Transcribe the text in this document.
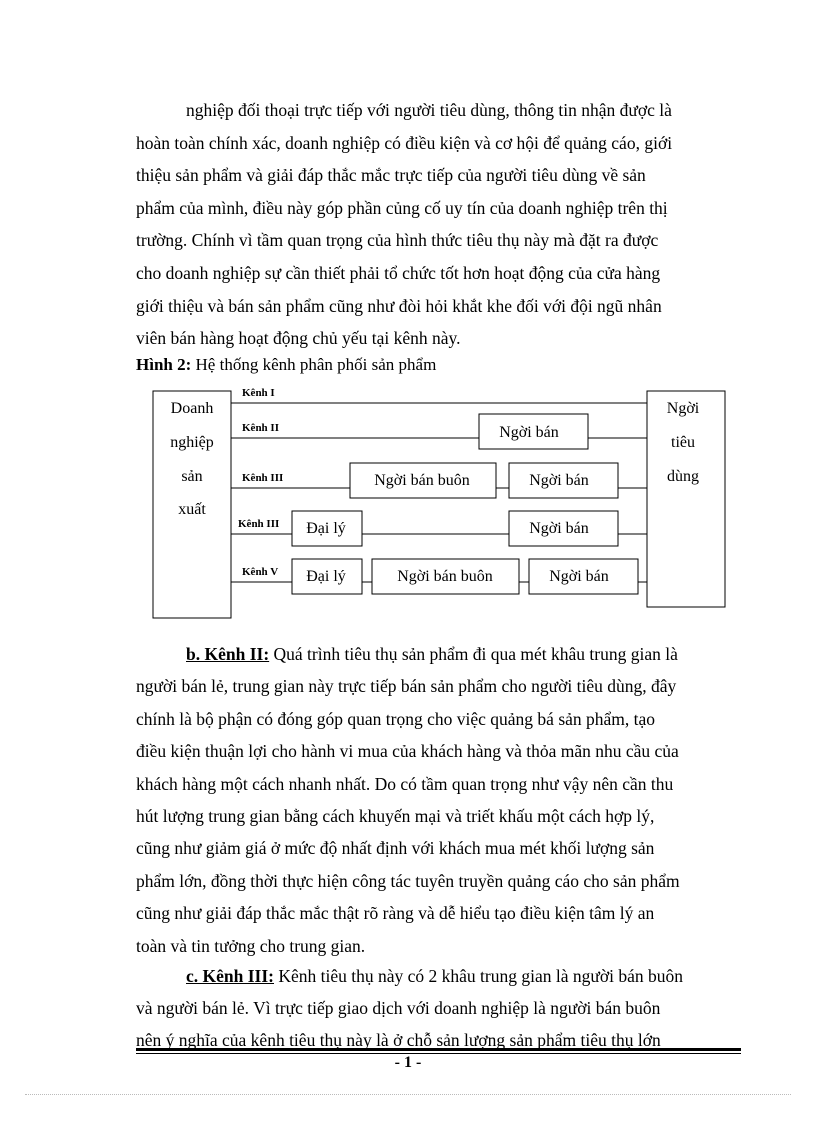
nghiệp đối thoại trực tiếp với người tiêu dùng, thông tin nhận được là
hoàn toàn chính xác, doanh nghiệp có điều kiện và cơ hội để quảng cáo, giới
thiệu sản phẩm và giải đáp thắc mắc trực tiếp của người tiêu dùng về sản
phẩm của mình, điều này góp phần củng cố uy tín của doanh nghiệp trên thị
trường. Chính vì tầm quan trọng của hình thức tiêu thụ này mà đặt ra được
cho doanh nghiệp sự cần thiết phải tổ chức tốt hơn hoạt động của cửa hàng
giới thiệu và bán sản phẩm cũng như đòi hỏi khắt khe đối với đội ngũ nhân
viên bán hàng hoạt động chủ yếu tại kênh này.
Hình 2: Hệ thống kênh phân phối sản phẩm
Doanh
nghiệp
sản
xuất
Ngời
tiêu
dùng
Kênh I
Kênh II	Ngời bán
Kênh III	Ngời bán buôn	Ngời bán
Kênh III Đại lý	Ngời bán
Kênh V Đại lý	Ngời bán buôn	Ngời bán
b. Kênh II: Quá trình tiêu thụ sản phẩm đi qua mét khâu trung gian là
người bán lẻ, trung gian này trực tiếp bán sản phẩm cho người tiêu dùng, đây
chính là bộ phận có đóng góp quan trọng cho việc quảng bá sản phẩm, tạo
điều kiện thuận lợi cho hành vi mua của khách hàng và thỏa mãn nhu cầu của
khách hàng một cách nhanh nhất. Do có tầm quan trọng như vậy nên cần thu
hút lượng trung gian bằng cách khuyến mại và triết khấu một cách hợp lý,
cũng như giảm giá ở mức độ nhất định với khách mua mét khối lượng sản
phẩm lớn, đồng thời thực hiện công tác tuyên truyền quảng cáo cho sản phẩm
cũng như giải đáp thắc mắc thật rõ ràng và dễ hiểu tạo điều kiện tâm lý an
toàn và tin tưởng cho trung gian.
c. Kênh III: Kênh tiêu thụ này có 2 khâu trung gian là người bán buôn
và người bán lẻ. Vì trực tiếp giao dịch với doanh nghiệp là người bán buôn
nên ý nghĩa của kênh tiêu thụ này là ở chỗ sản lượng sản phẩm tiêu thụ lớn
- 1 -
